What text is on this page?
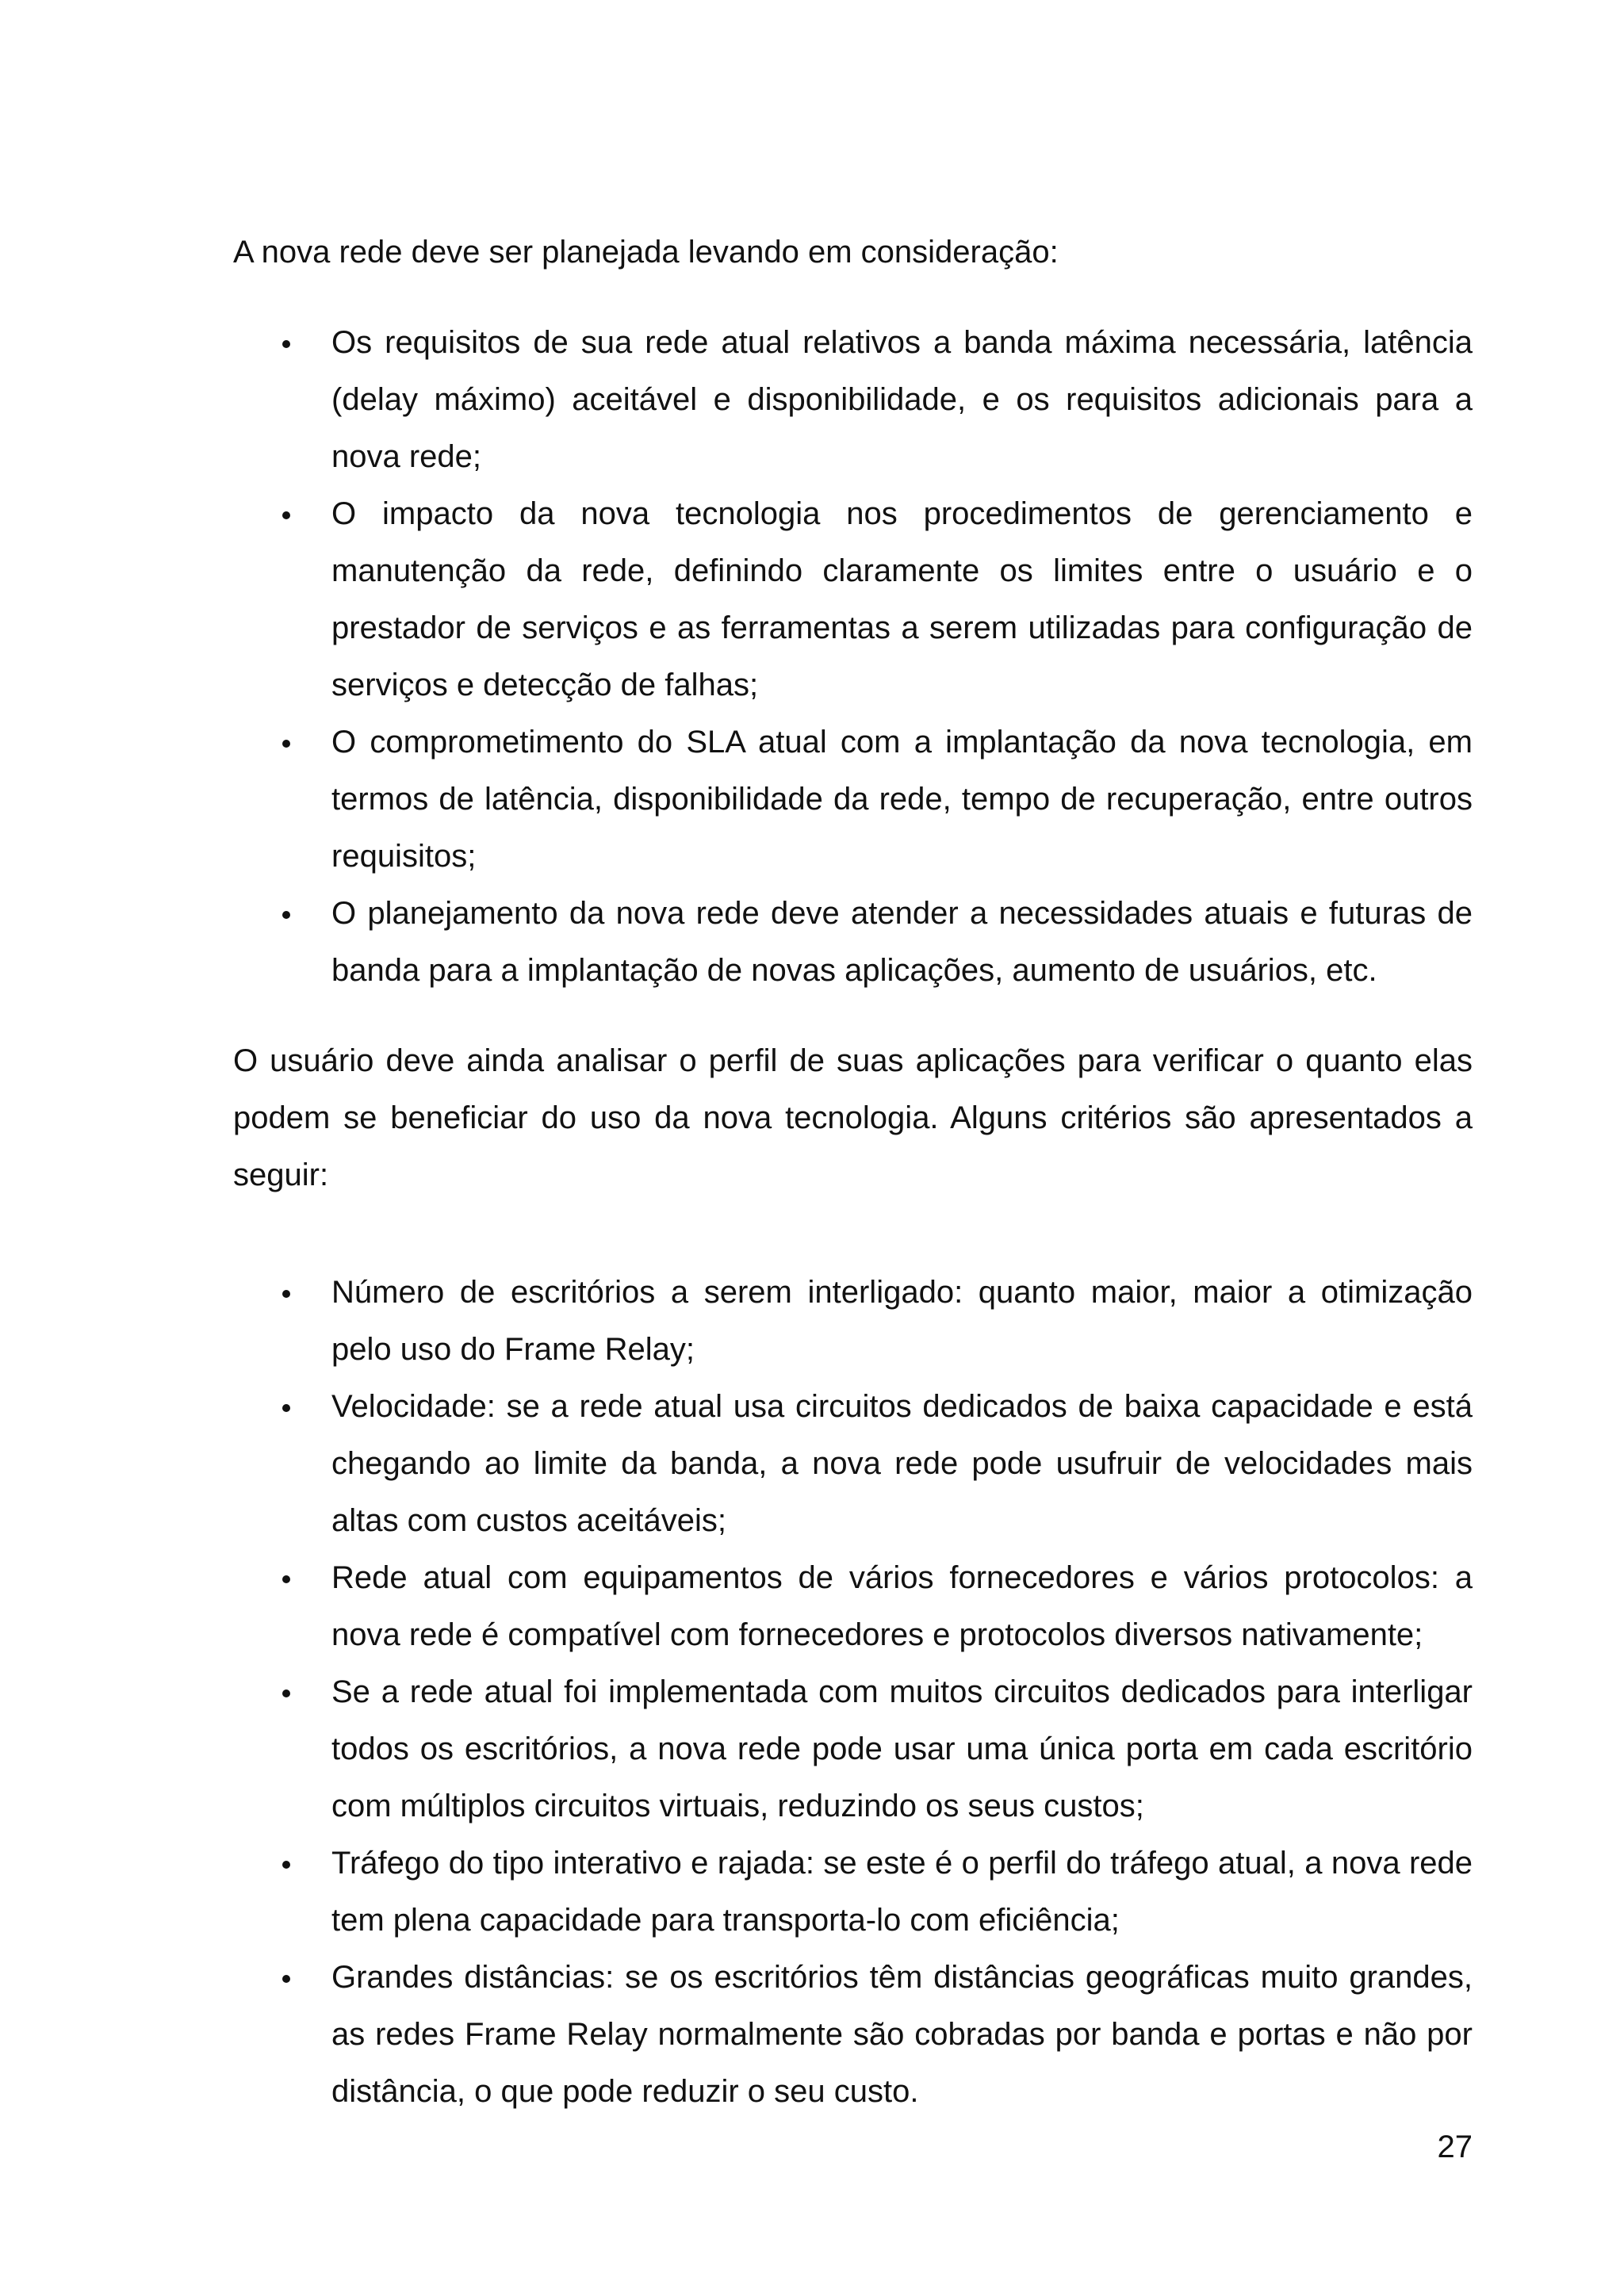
A nova rede deve ser planejada levando em consideração:

Os requisitos de sua rede atual relativos a banda máxima necessária, latência (delay máximo) aceitável e disponibilidade, e os requisitos adicionais para a nova rede;
O impacto da nova tecnologia nos procedimentos de gerenciamento e manutenção da rede, definindo claramente os limites entre o usuário e o prestador de serviços e as ferramentas a serem utilizadas para configuração de serviços e detecção de falhas;
O comprometimento do SLA atual com a implantação da nova tecnologia, em termos de latência, disponibilidade da rede, tempo de recuperação, entre outros requisitos;
O planejamento da nova rede deve atender a necessidades atuais e futuras de banda para a implantação de novas aplicações, aumento de usuários, etc.

O usuário deve ainda analisar o perfil de suas aplicações para verificar o quanto elas podem se beneficiar do uso da nova tecnologia. Alguns critérios são apresentados a seguir:

Número de escritórios a serem interligado: quanto maior, maior a otimização pelo uso do Frame Relay;
Velocidade: se a rede atual usa circuitos dedicados de baixa capacidade e está chegando ao limite da banda, a nova rede pode usufruir de velocidades mais altas com custos aceitáveis;
Rede atual com equipamentos de vários fornecedores e vários protocolos: a nova rede é compatível com fornecedores e protocolos diversos nativamente;
Se a rede atual foi implementada com muitos circuitos dedicados para interligar todos os escritórios, a nova rede pode usar uma única porta em cada escritório com múltiplos circuitos virtuais, reduzindo os seus custos;
Tráfego do tipo interativo e rajada: se este é o perfil do tráfego atual, a nova rede tem plena capacidade para transporta-lo com eficiência;
Grandes distâncias: se os escritórios têm distâncias geográficas muito grandes, as redes Frame Relay normalmente são cobradas por banda e portas e não por distância, o que pode reduzir o seu custo.
27
